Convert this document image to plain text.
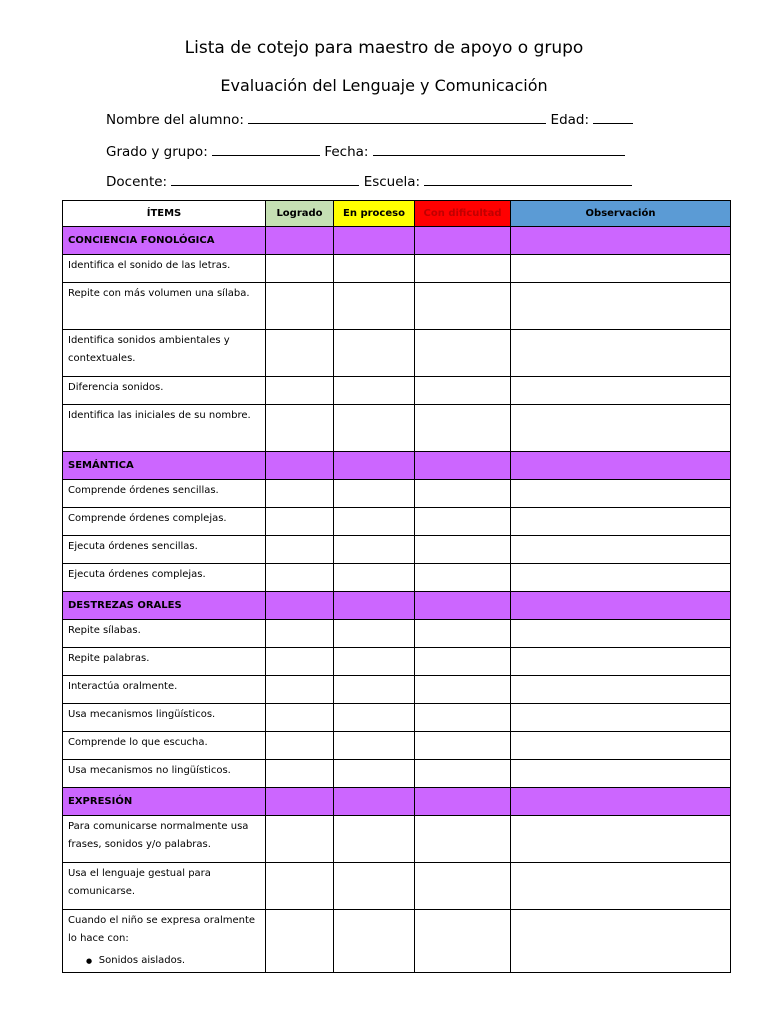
Lista de cotejo para maestro de apoyo o grupo
Evaluación del Lenguaje y Comunicación
Nombre del alumno:	Edad:
Grado y grupo:	Fecha:
Docente:	Escuela:
ÍTEMS	Logrado	En proceso	Con dificultad	Observación
CONCIENCIA FONOLÓGICA				
Identifica el sonido de las letras.				
Repite con más volumen una sílaba.				
Identifica sonidos ambientales y contextuales.				
Diferencia sonidos.				
Identifica las iniciales de su nombre.				
SEMÁNTICA				
Comprende órdenes sencillas.				
Comprende órdenes complejas.				
Ejecuta órdenes sencillas.				
Ejecuta órdenes complejas.				
DESTREZAS ORALES				
Repite sílabas.				
Repite palabras.				
Interactúa oralmente.				
Usa mecanismos lingüísticos.				
Comprende lo que escucha.				
Usa mecanismos no lingüísticos.				
EXPRESIÓN				
Para comunicarse normalmente usa frases, sonidos y/o palabras.				
Usa el lenguaje gestual para comunicarse.				
Cuando el niño se expresa oralmente lo hace con:
●   Sonidos aislados.				
